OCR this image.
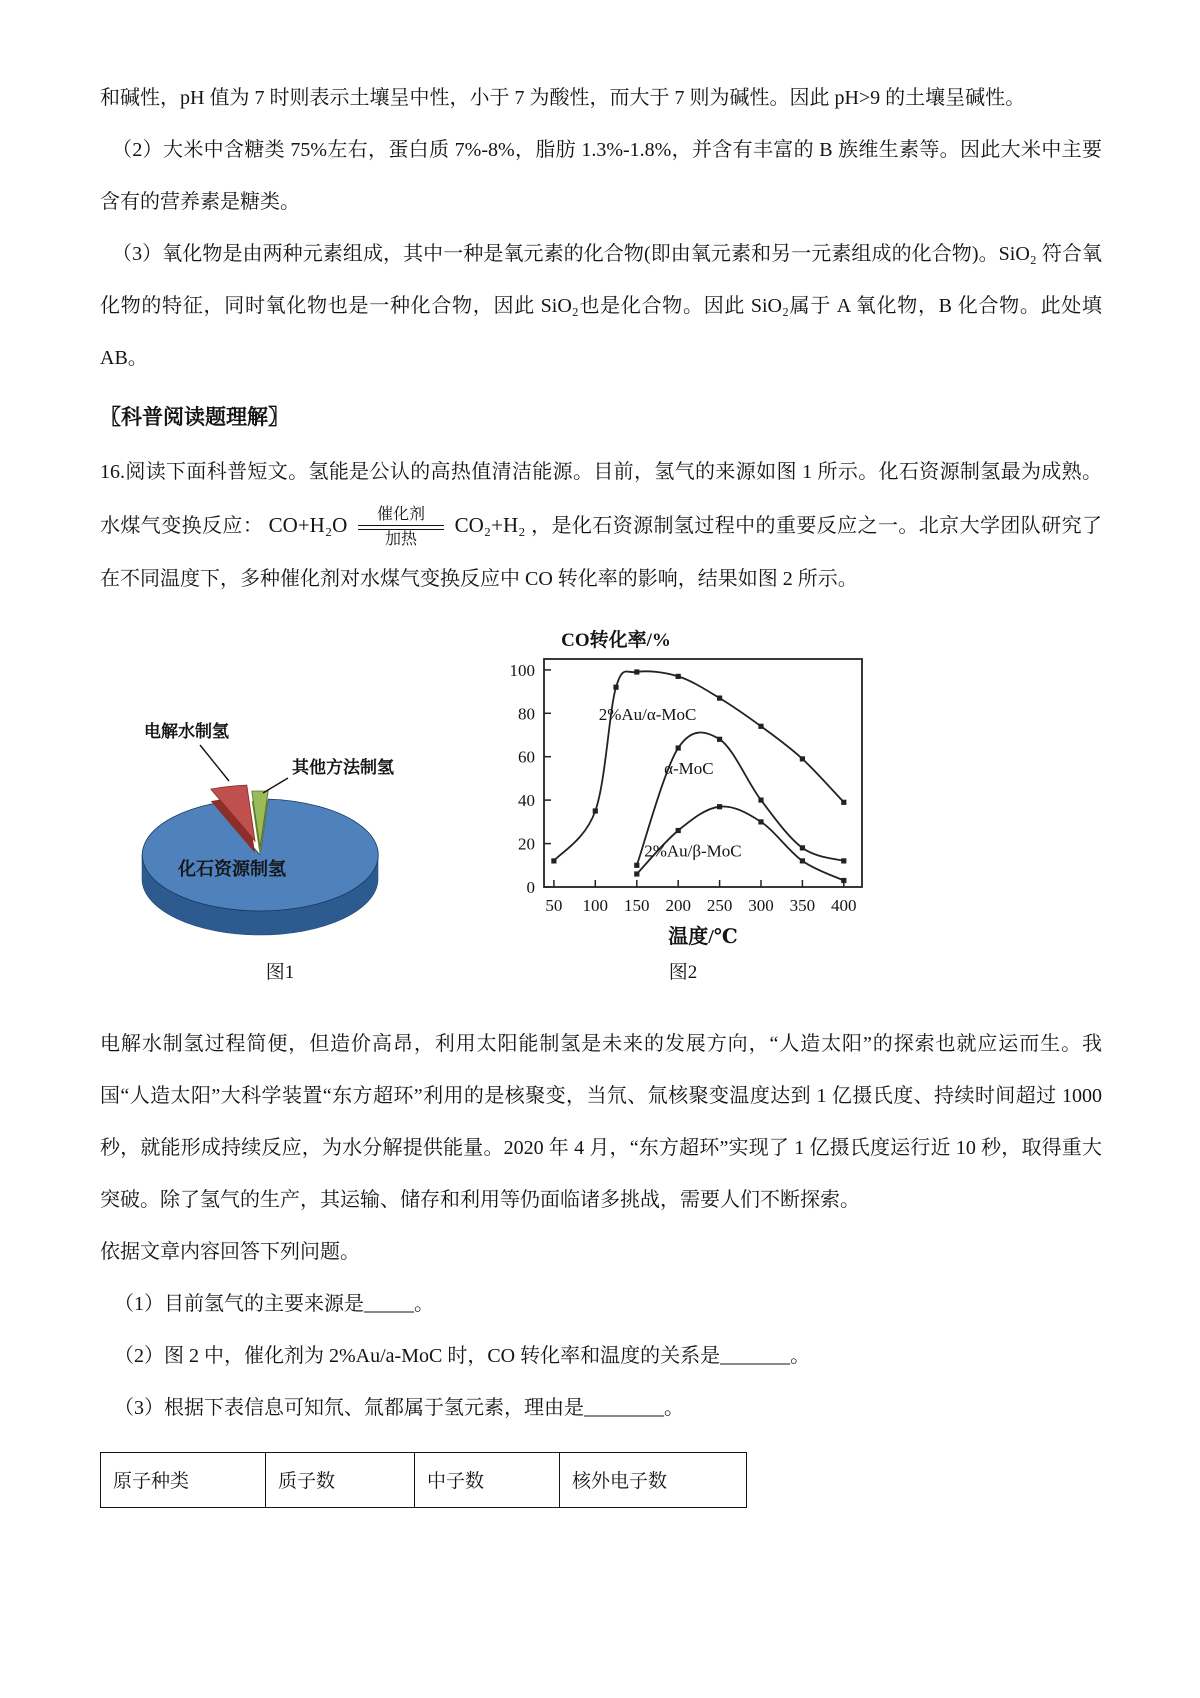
和碱性，pH 值为 7 时则表示土壤呈中性，小于 7 为酸性，而大于 7 则为碱性。因此 pH>9 的土壤呈碱性。

（2）大米中含糖类 75%左右，蛋白质 7%-8%，脂肪 1.3%-1.8%，并含有丰富的 B 族维生素等。因此大米中主要含有的营养素是糖类。

（3）氧化物是由两种元素组成，其中一种是氧元素的化合物(即由氧元素和另一元素组成的化合物)。SiO₂ 符合氧化物的特征，同时氧化物也是一种化合物，因此 SiO₂也是化合物。因此 SiO₂属于 A 氧化物，B 化合物。此处填 AB。

〖科普阅读题理解〗

16.阅读下面科普短文。氢能是公认的高热值清洁能源。目前，氢气的来源如图 1 所示。化石资源制氢最为成熟。水煤气变换反应： CO+H₂O 催化剂
加热
CO₂+H₂ ，是化石资源制氢过程中的重要反应之一。北京大学团队研究了在不同温度下，多种催化剂对水煤气变换反应中 CO 转化率的影响，结果如图 2 所示。

电解水制氢
其他方法制氢
化石资源制氢
图1
CO转化率/%
0
20
40
60
80
100
50 100 150 200 250 300 350 400
温度/℃
2%Au/α-MoC
α-MoC
2%Au/β-MoC
图2

电解水制氢过程简便，但造价高昂，利用太阳能制氢是未来的发展方向，“人造太阳”的探索也就应运而生。我国“人造太阳”大科学装置“东方超环”利用的是核聚变，当氘、氚核聚变温度达到 1 亿摄氏度、持续时间超过 1000 秒，就能形成持续反应，为水分解提供能量。2020 年 4 月，“东方超环”实现了 1 亿摄氏度运行近 10 秒，取得重大突破。除了氢气的生产，其运输、储存和利用等仍面临诸多挑战，需要人们不断探索。

依据文章内容回答下列问题。

（1）目前氢气的主要来源是_____。

（2）图 2 中，催化剂为 2%Au/a-MoC 时，CO 转化率和温度的关系是_______。

（3）根据下表信息可知氘、氚都属于氢元素，理由是________。

原子种类	质子数	中子数	核外电子数
